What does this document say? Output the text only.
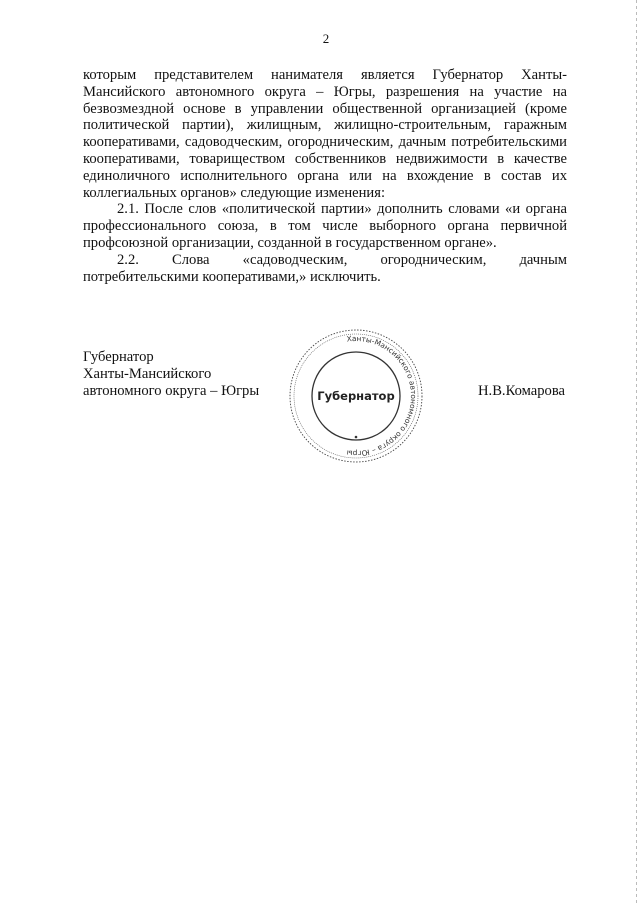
2

которым представителем нанимателя является Губернатор Ханты-Мансийского автономного округа – Югры, разрешения на участие на безвозмездной основе в управлении общественной организацией (кроме политической партии), жилищным, жилищно-строительным, гаражным кооперативами, садоводческим, огородническим, дачным потребительскими кооперативами, товариществом собственников недвижимости в качестве единоличного исполнительного органа или на вхождение в состав их коллегиальных органов» следующие изменения:

2.1. После слов «политической партии» дополнить словами «и органа профессионального союза, в том числе выборного органа первичной профсоюзной организации, созданной в государственном органе».

2.2. Слова «садоводческим, огородническим, дачным потребительскими кооперативами,» исключить.

Губернатор
Ханты-Мансийского
автономного округа – Югры	Н.В.Комарова
Ханты-Мансийского автономного округа – Югры
Губернатор
